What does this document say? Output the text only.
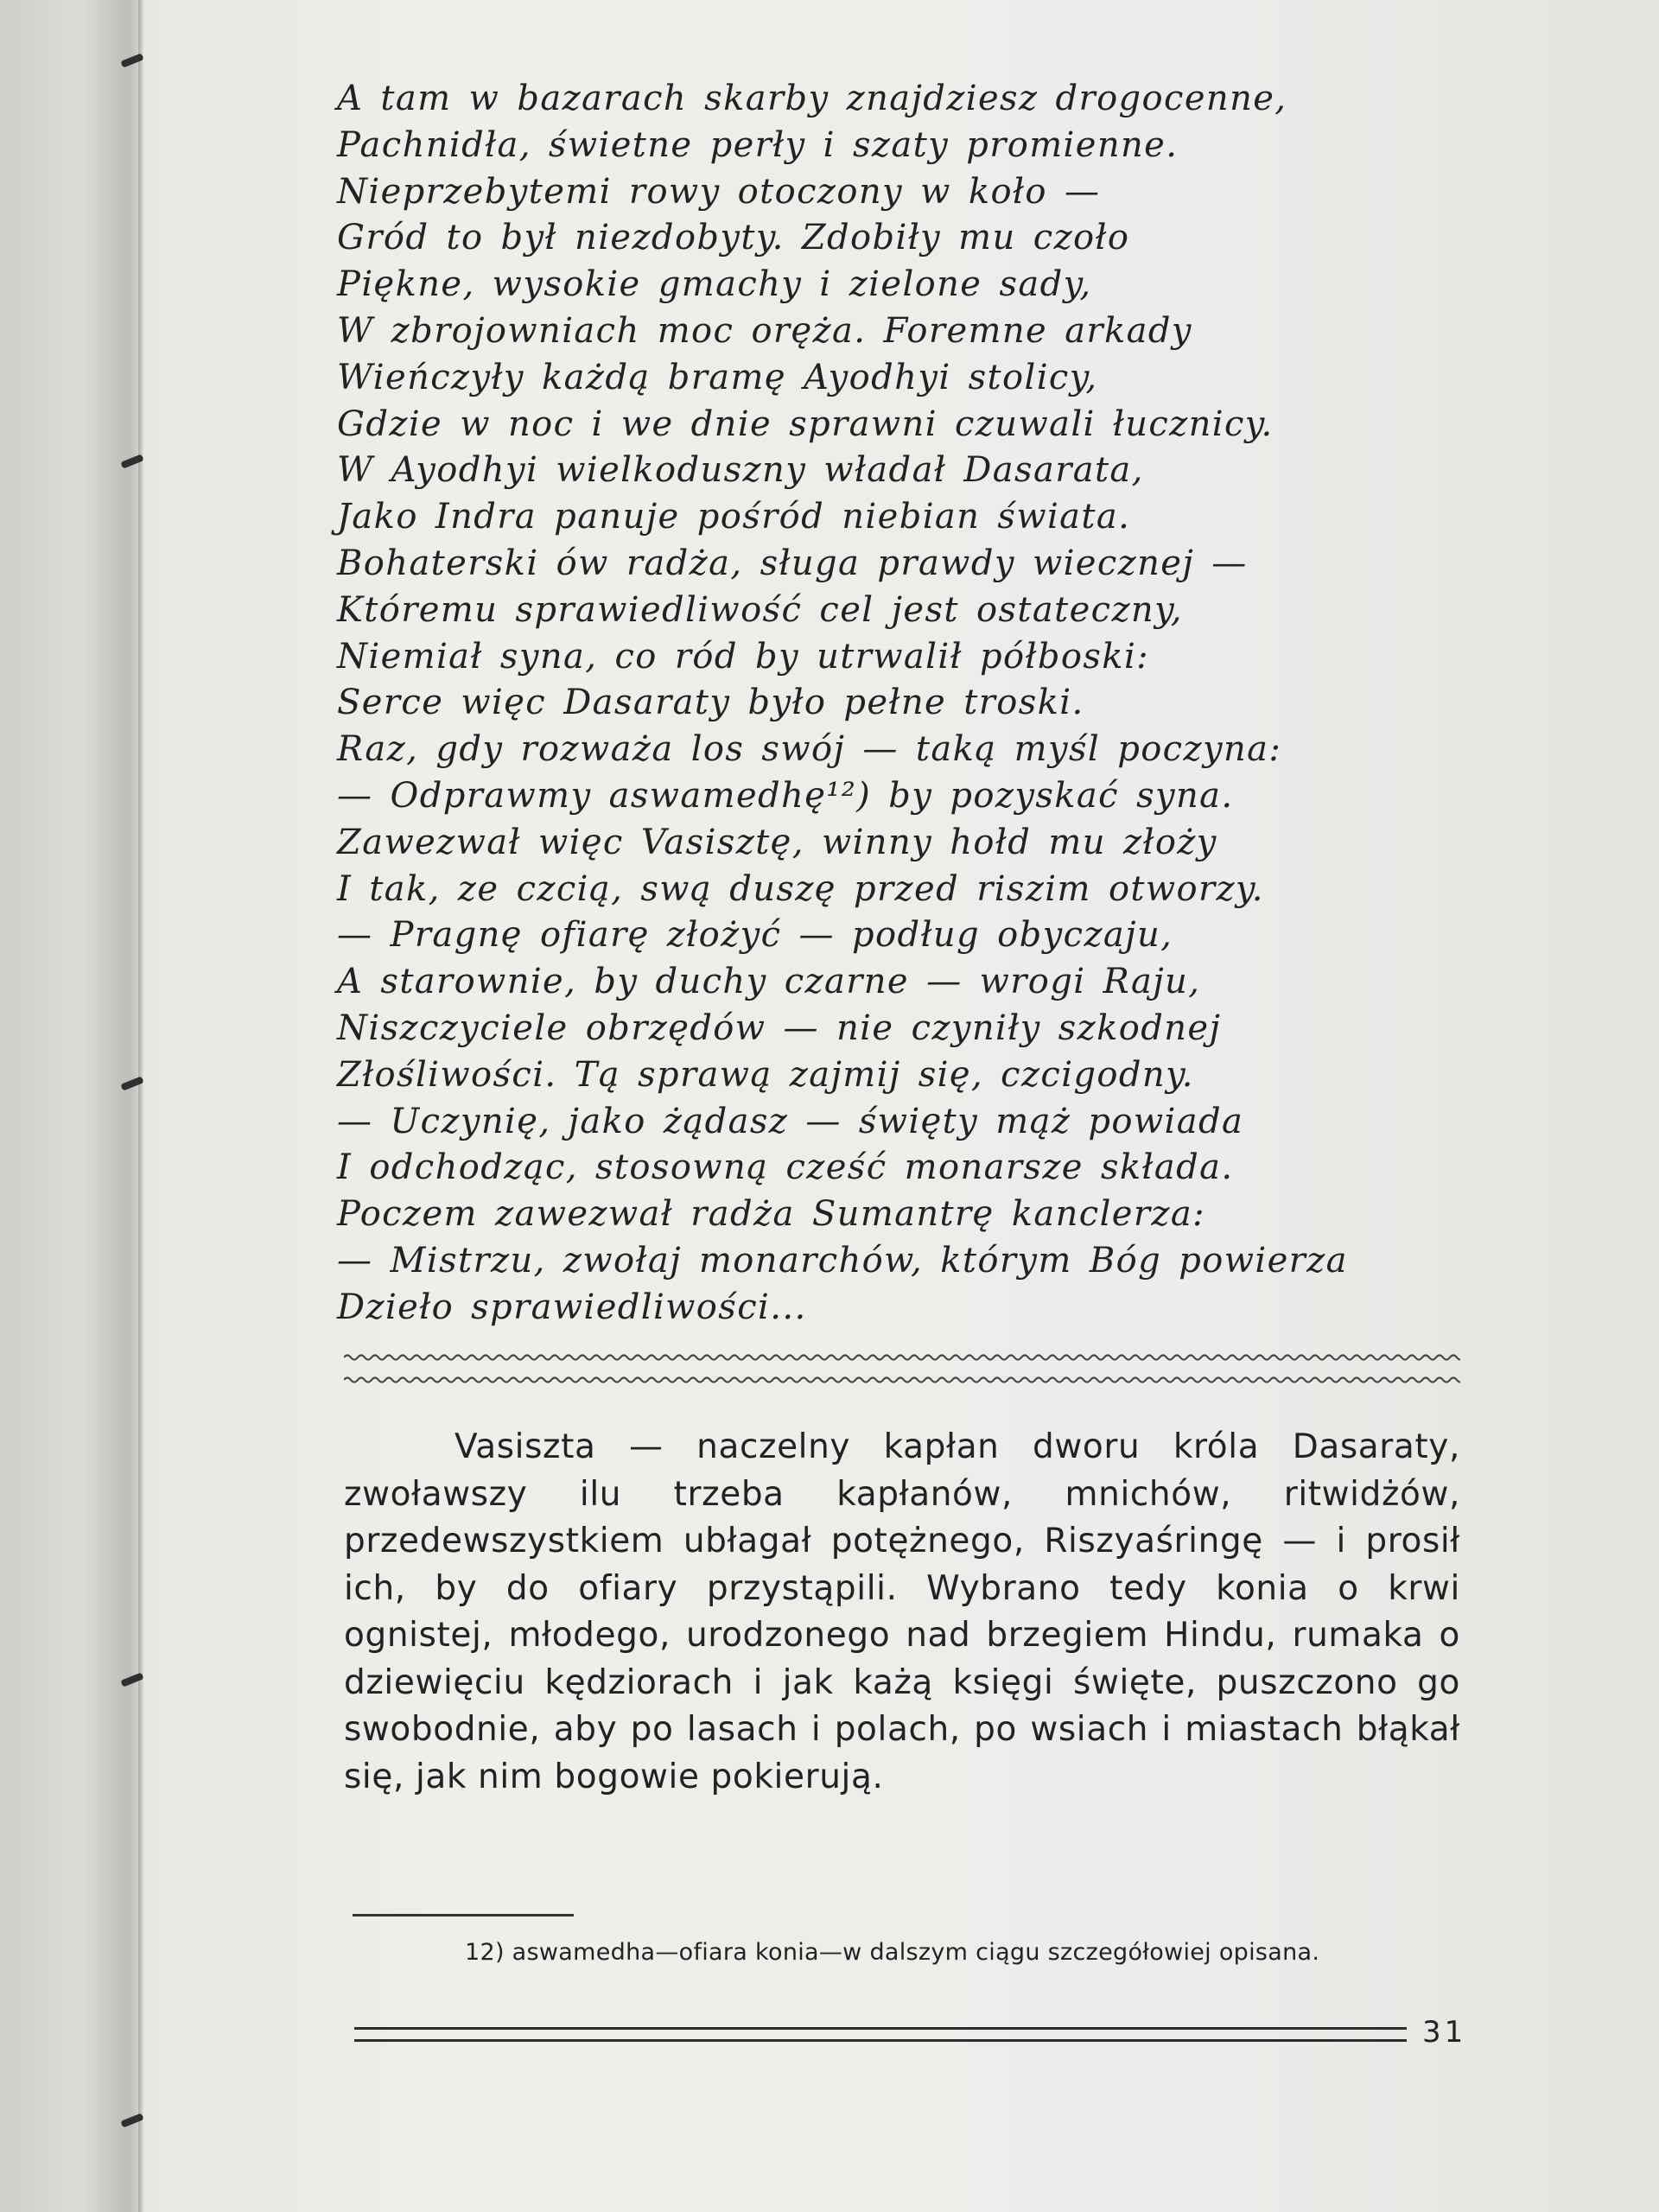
A tam w bazarach skarby znajdziesz drogocenne,
Pachnidła, świetne perły i szaty promienne.
Nieprzebytemi rowy otoczony w koło —
Gród to był niezdobyty. Zdobiły mu czoło
Piękne, wysokie gmachy i zielone sady,
W zbrojowniach moc oręża. Foremne arkady
Wieńczyły każdą bramę Ayodhyi stolicy,
Gdzie w noc i we dnie sprawni czuwali łucznicy.
W Ayodhyi wielkoduszny władał Dasarata,
Jako Indra panuje pośród niebian świata.
Bohaterski ów radża, sługa prawdy wiecznej —
Któremu sprawiedliwość cel jest ostateczny,
Niemiał syna, co ród by utrwalił półboski:
Serce więc Dasaraty było pełne troski.
Raz, gdy rozważa los swój — taką myśl poczyna:
— Odprawmy aswamedhę¹²) by pozyskać syna.
Zawezwał więc Vasisztę, winny hołd mu złoży
I tak, ze czcią, swą duszę przed riszim otworzy.
— Pragnę ofiarę złożyć — podług obyczaju,
A starownie, by duchy czarne — wrogi Raju,
Niszczyciele obrzędów — nie czyniły szkodnej
Złośliwości. Tą sprawą zajmij się, czcigodny.
— Uczynię, jako żądasz — święty mąż powiada
I odchodząc, stosowną cześć monarsze składa.
Poczem zawezwał radża Sumantrę kanclerza:
— Mistrzu, zwołaj monarchów, którym Bóg powierza
Dzieło sprawiedliwości...

Vasiszta — naczelny kapłan dworu króla Dasaraty, zwoławszy ilu trzeba kapłanów, mnichów, ritwidżów, przedewszystkiem ubłagał potężnego, Riszyaśringę — i prosił ich, by do ofiary przystąpili. Wybrano tedy konia o krwi ognistej, młodego, urodzonego nad brzegiem Hindu, rumaka o dziewięciu kędziorach i jak każą księgi święte, puszczono go swobodnie, aby po lasach i polach, po wsiach i miastach błąkał się, jak nim bogowie pokierują.

12) aswamedha—ofiara konia—w dalszym ciągu szczegółowiej opisana.
31
